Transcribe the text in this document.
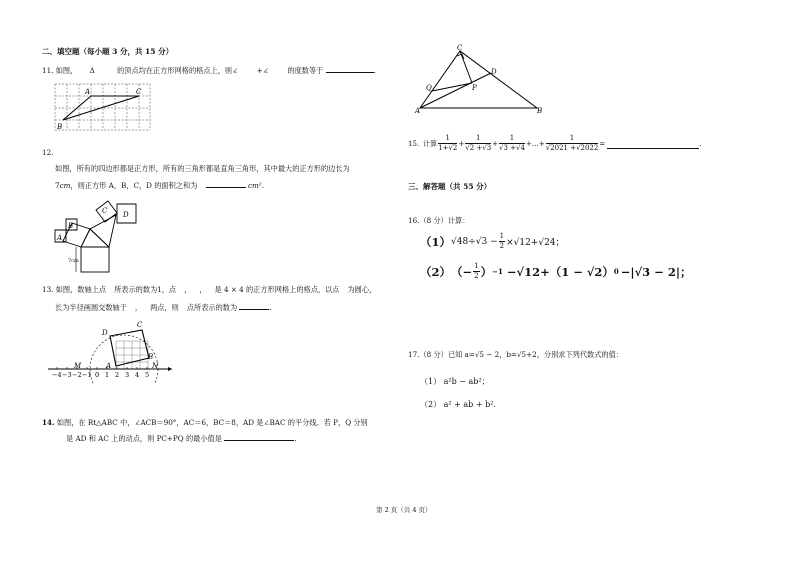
二、填空题（每小题 3 分，共 15 分）
11. 如图， Δ	的顶点均在正方形网格的格点上，则∠	+∠	的度数等于	.
A	C
B
12.
如图，所有的四边形都是正方形，所有的三角形都是直角三角形，其中最大的正方形的边长为
7cm，则正方形 A，B，C，D 的面积之和为	cm².
A
B
C D
7cm
13. 如图，数轴上点 所表示的数为1，点 ， ， 是 4 × 4 的正方形网格上的格点，以点 为圆心，
长为半径画圆交数轴于 ， 两点，则 点所表示的数为	.
−4 −3 −2 −1 0 1 2 3 4 5
D
C
A
B
M	N
14. 如图，在 Rt△ABC 中，∠ACB＝90°，AC＝6，BC＝8，AD 是∠BAC 的平分线．若 P，Q 分别
是 AD 和 AC 上的动点，则 PC+PQ 的最小值是	.
C
D
Q	P
A	B
15. 计算 $\frac{1}{1+√2} + \frac{1}{√2 +√3} + \frac{1}{√3 +√4}$ +…+ $\frac{1}{√2021 +√2022}$ =	.
三、解答题（共 55 分）
16.（8 分）计算：
（1） $√48\div√3 - \frac{1}{2} \times√12+√24$；
（2） （− $\frac{1}{2}$ ） −1 −√12+（1 − √2） 0 −|√3 − 2|；
17.（8 分）已知 a=√5 − 2，b=√5+2，分别求下列代数式的值：
（1） a²b − ab²；
（2） a² + ab + b².
第 2 页（共 4 页）
